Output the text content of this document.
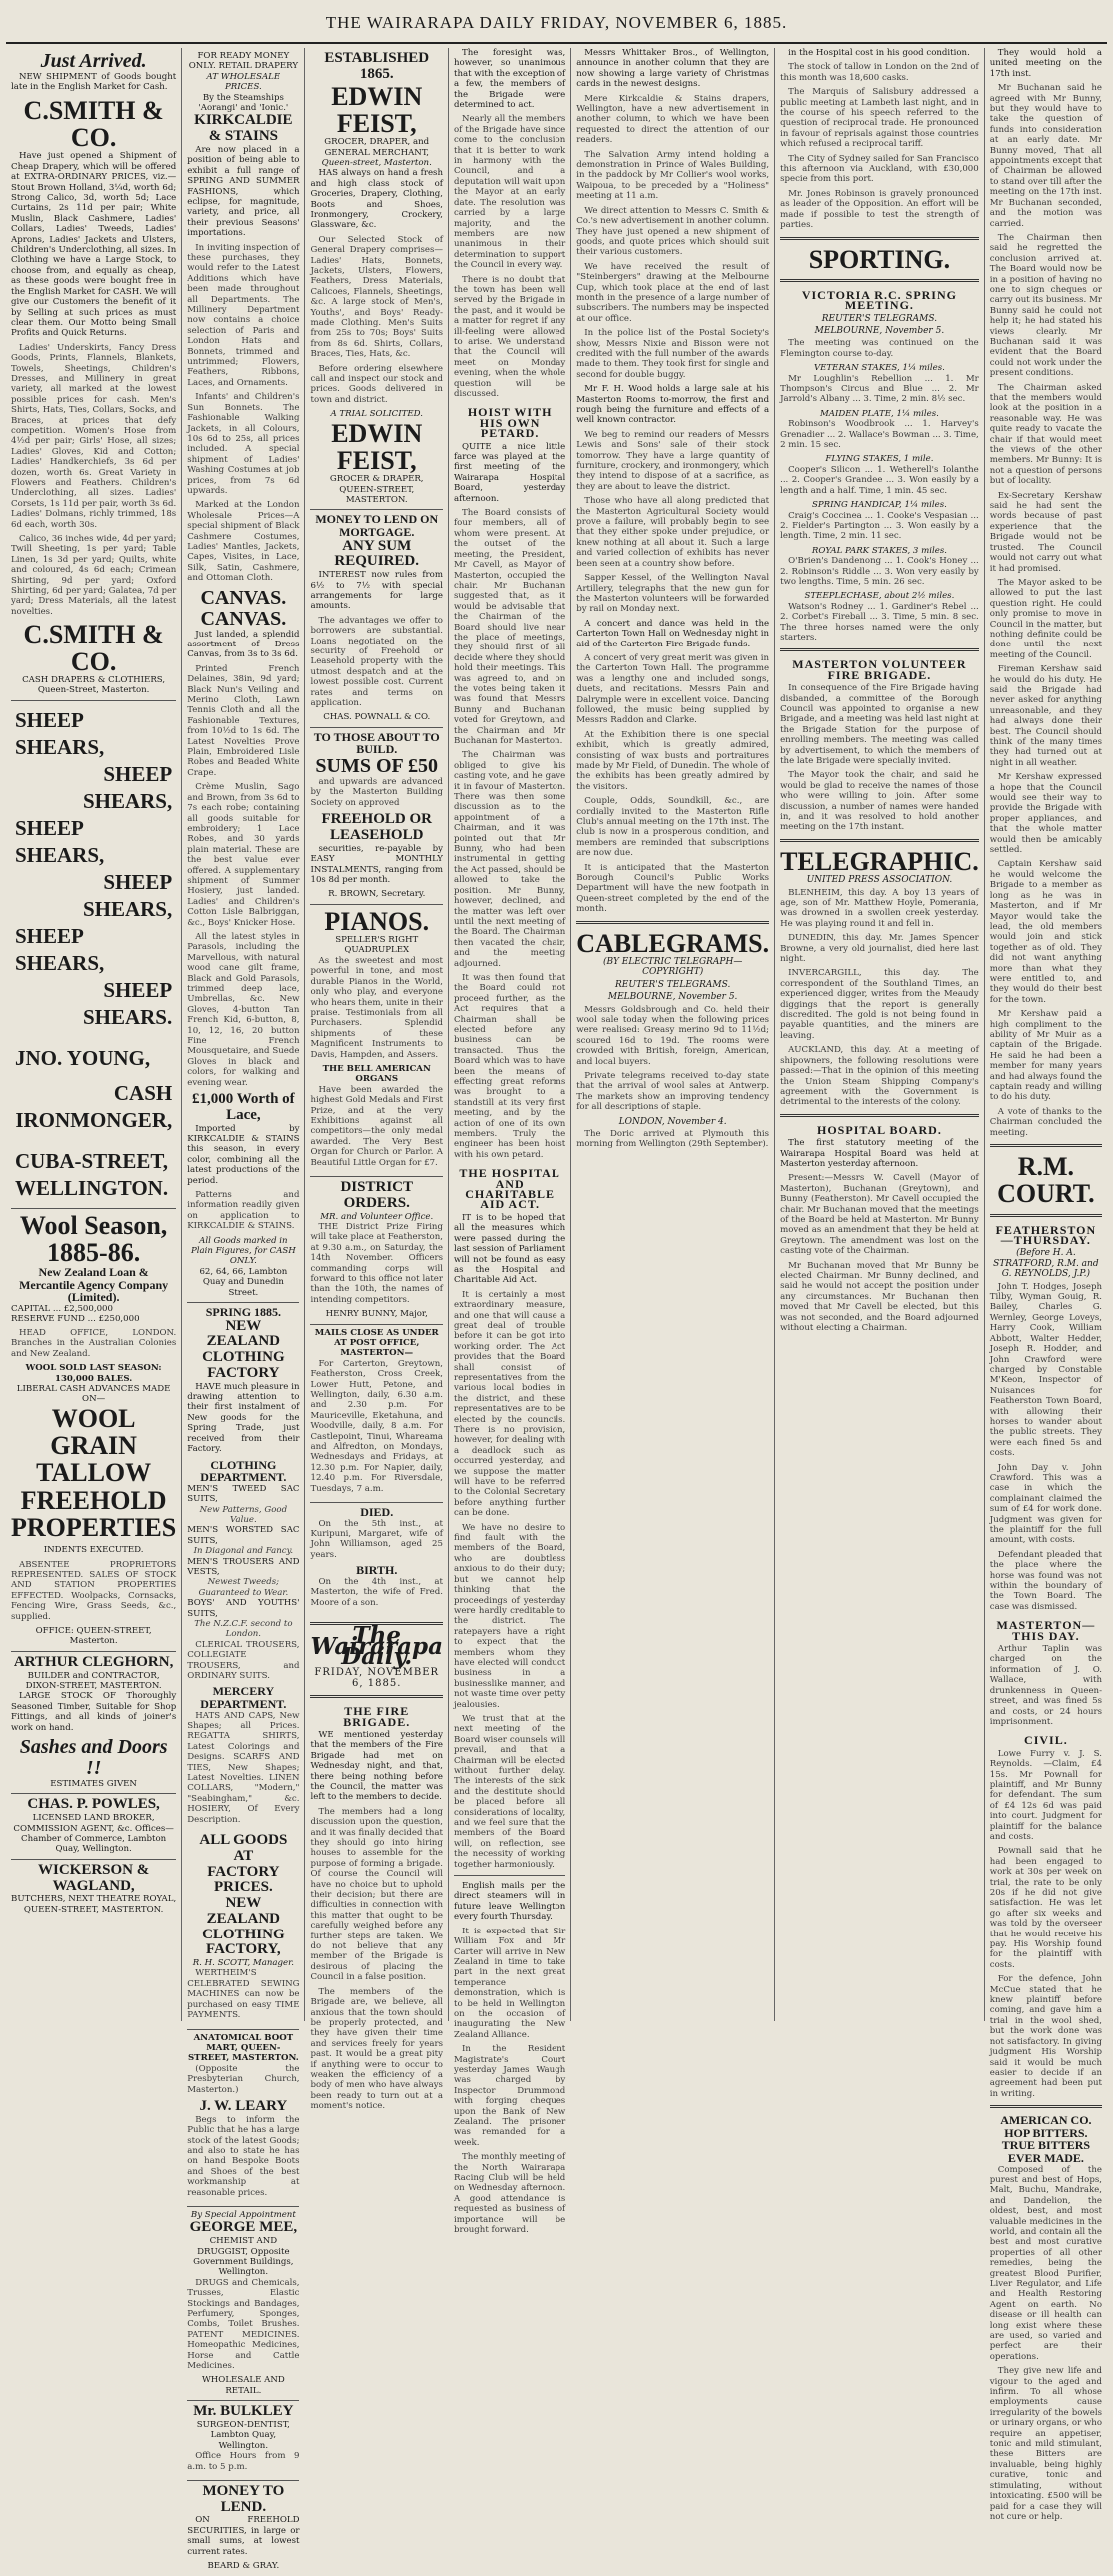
THE WAIRARAPA DAILY FRIDAY, NOVEMBER 6, 1885.
Just Arrived.

NEW SHIPMENT of Goods bought late in the English Market for Cash.

C.SMITH & CO.

Have just opened a Shipment of Cheap Drapery, which will be offered at EXTRA-ORDINARY PRICES, viz.— Stout Brown Holland, 3¼d, worth 6d; Strong Calico, 3d, worth 5d; Lace Curtains, 2s 11d per pair; White Muslin, Black Cashmere, Ladies' Collars, Ladies' Tweeds, Ladies' Aprons, Ladies' Jackets and Ulsters, Children's Underclothing, all sizes. In Clothing we have a Large Stock, to choose from, and equally as cheap, as these goods were bought free in the English Market for CASH. We will give our Customers the benefit of it by Selling at such prices as must clear them. Our Motto being Small Profits and Quick Returns.

Ladies' Underskirts, Fancy Dress Goods, Prints, Flannels, Blankets, Towels, Sheetings, Children's Dresses, and Millinery in great variety, all marked at the lowest possible prices for cash. Men's Shirts, Hats, Ties, Collars, Socks, and Braces, at prices that defy competition. Women's Hose from 4½d per pair; Girls' Hose, all sizes; Ladies' Gloves, Kid and Cotton; Ladies' Handkerchiefs, 3s 6d per dozen, worth 6s. Great Variety in Flowers and Feathers. Children's Underclothing, all sizes. Ladies' Corsets, 1s 11d per pair, worth 3s 6d. Ladies' Dolmans, richly trimmed, 18s 6d each, worth 30s.

Calico, 36 inches wide, 4d per yard; Twill Sheeting, 1s per yard; Table Linen, 1s 3d per yard; Quilts, white and coloured, 4s 6d each; Crimean Shirting, 9d per yard; Oxford Shirting, 6d per yard; Galatea, 7d per yard; Dress Materials, all the latest novelties.

C.SMITH & CO.
CASH DRAPERS & CLOTHIERS, Queen-Street, Masterton.
SHEEP SHEARS,
SHEEP SHEARS,
SHEEP SHEARS,
SHEEP SHEARS,
SHEEP SHEARS,
SHEEP SHEARS.
JNO. YOUNG,
CASH IRONMONGER,
CUBA-STREET, WELLINGTON.
Wool Season, 1885-86.
New Zealand Loan & Mercantile Agency Company (Limited).
CAPITAL ... £2,500,000
RESERVE FUND ... £250,000

HEAD OFFICE, LONDON. Branches in the Australian Colonies and New Zealand.

WOOL SOLD LAST SEASON: 130,000 BALES.
LIBERAL CASH ADVANCES MADE ON—
WOOL
GRAIN
TALLOW
FREEHOLD
PROPERTIES
INDENTS EXECUTED.

ABSENTEE PROPRIETORS REPRESENTED. SALES OF STOCK AND STATION PROPERTIES EFFECTED. Woolpacks, Cornsacks, Fencing Wire, Grass Seeds, &c., supplied.

OFFICE: QUEEN-STREET, Masterton.
ARTHUR CLEGHORN,
BUILDER and CONTRACTOR, DIXON-STREET, MASTERTON.

LARGE STOCK OF Thoroughly Seasoned Timber, Suitable for Shop Fittings, and all kinds of joiner's work on hand.

Sashes and Doors !!
ESTIMATES GIVEN
CHAS. P. POWLES,
LICENSED LAND BROKER, COMMISSION AGENT, &c. Offices—Chamber of Commerce, Lambton Quay, Wellington.
WICKERSON & WAGLAND,
BUTCHERS, NEXT THEATRE ROYAL,
QUEEN-STREET, MASTERTON.
FOR READY MONEY ONLY. RETAIL DRAPERY
AT WHOLESALE PRICES.
By the Steamships 'Aorangi' and 'Ionic.'
KIRKCALDIE & STAINS

Are now placed in a position of being able to exhibit a full range of SPRING AND SUMMER FASHIONS, which eclipse, for magnitude, variety, and price, all their previous Seasons' importations.

In inviting inspection of these purchases, they would refer to the Latest Additions which have been made throughout all Departments. The Millinery Department now contains a choice selection of Paris and London Hats and Bonnets, trimmed and untrimmed; Flowers, Feathers, Ribbons, Laces, and Ornaments.

Infants' and Children's Sun Bonnets. The Fashionable Walking Jackets, in all Colours, 10s 6d to 25s, all prices included. A special shipment of Ladies' Washing Costumes at job prices, from 7s 6d upwards.

Marked at the London Wholesale Prices—A special shipment of Black Cashmere Costumes, Ladies' Mantles, Jackets, Capes, Visites, in Lace, Silk, Satin, Cashmere, and Ottoman Cloth.

CANVAS. CANVAS.

Just landed, a splendid assortment of Dress Canvas, from 3s to 3s 6d.

Printed French Delaines, 38in, 9d yard; Black Nun's Veiling and Merino Cloth, Lawn Tennis Cloth and all the Fashionable Textures, from 10½d to 1s 6d. The Latest Novelties Prove Plain, Embroidered Lisle Robes and Beaded White Crape.

Crème Muslin, Sago and Brown, from 3s 6d to 7s each robe; containing all goods suitable for embroidery; 1 Lace Robes, and 30 yards plain material. These are the best value ever offered. A supplementary shipment of Summer Hosiery, just landed. Ladies' and Children's Cotton Lisle Balbriggan, &c., Boys' Knicker Hose.

All the latest styles in Parasols, including the Marvellous, with natural wood cane gilt frame, Black and Gold Parasols, trimmed deep lace, Umbrellas, &c. New Gloves, 4-button Tan French Kid, 6-button, 8, 10, 12, 16, 20 button Fine French Mousquetaire, and Suede Gloves in black and colors, for walking and evening wear.

£1,000 Worth of Lace,

Imported by KIRKCALDIE & STAINS this season, in every color, combining all the latest productions of the period.

Patterns and information readily given on application to KIRKCALDIE & STAINS.

All Goods marked in Plain Figures, for CASH ONLY.
62, 64, 66, Lambton Quay and Dunedin Street.
SPRING 1885.
NEW ZEALAND CLOTHING FACTORY

HAVE much pleasure in drawing attention to their first instalment of New goods for the Spring Trade, just received from their Factory.

CLOTHING DEPARTMENT.
MEN'S TWEED SAC SUITS,
New Patterns, Good Value.
MEN'S WORSTED SAC SUITS,
In Diagonal and Fancy.
MEN'S TROUSERS AND VESTS,
Newest Tweeds; Guaranteed to Wear.
BOYS' AND YOUTHS' SUITS,
The N.Z.C.F. second to London.

CLERICAL TROUSERS, COLLEGIATE TROUSERS, and ORDINARY SUITS.

MERCERY DEPARTMENT.

HATS AND CAPS, New Shapes; all Prices. REGATTA SHIRTS, Latest Colorings and Designs. SCARFS AND TIES, New Shapes; Latest Novelties. LINEN COLLARS, "Modern," "Seabingham," &c. HOSIERY, Of Every Description.

ALL GOODS
AT
FACTORY PRICES.
NEW ZEALAND CLOTHING FACTORY,
R. H. SCOTT, Manager.

WERTHEIM'S CELEBRATED SEWING MACHINES can now be purchased on easy TIME PAYMENTS.

ANATOMICAL BOOT MART, QUEEN-STREET, MASTERTON.

(Opposite the Presbyterian Church, Masterton.)

J. W. LEARY

Begs to inform the Public that he has a large stock of the latest Goods; and also to state he has on hand Bespoke Boots and Shoes of the best workmanship at reasonable prices.

By Special Appointment
GEORGE MEE,
CHEMIST AND DRUGGIST, Opposite Government Buildings, Wellington.

DRUGS and Chemicals, Trusses, Elastic Stockings and Bandages, Perfumery, Sponges, Combs, Toilet Brushes. PATENT MEDICINES. Homeopathic Medicines, Horse and Cattle Medicines.

WHOLESALE AND RETAIL.
Mr. BULKLEY
SURGEON-DENTIST, Lambton Quay, Wellington.

Office Hours from 9 a.m. to 5 p.m.

MONEY TO LEND.

ON FREEHOLD SECURITIES, in large or small sums, at lowest current rates.

BEARD & GRAY.
ESTABLISHED 1865.
EDWIN FEIST,
GROCER, DRAPER, and GENERAL MERCHANT,
Queen-street, Masterton.

HAS always on hand a fresh and high class stock of Groceries, Drapery, Clothing, Boots and Shoes, Ironmongery, Crockery, Glassware, &c.

Our Selected Stock of General Drapery comprises—Ladies' Hats, Bonnets, Jackets, Ulsters, Flowers, Feathers, Dress Materials, Calicoes, Flannels, Sheetings, &c. A large stock of Men's, Youths', and Boys' Ready-made Clothing. Men's Suits from 25s to 70s; Boys' Suits from 8s 6d. Shirts, Collars, Braces, Ties, Hats, &c.

Before ordering elsewhere call and inspect our stock and prices. Goods delivered in town and district.

A TRIAL SOLICITED.
EDWIN FEIST,
GROCER & DRAPER, QUEEN-STREET, MASTERTON.
MONEY TO LEND ON MORTGAGE.
ANY SUM REQUIRED.

INTEREST now rules from 6½ to 7½ with special arrangements for large amounts.

The advantages we offer to borrowers are substantial. Loans negotiated on the security of Freehold or Leasehold property with the utmost despatch and at the lowest possible cost. Current rates and terms on application.

CHAS. POWNALL & CO.
TO THOSE ABOUT TO BUILD.
SUMS OF £50

and upwards are advanced by the Masterton Building Society on approved

FREEHOLD OR LEASEHOLD

securities, re-payable by EASY MONTHLY INSTALMENTS, ranging from 10s 8d per month.

R. BROWN, Secretary.
PIANOS.
SPELLER'S RIGHT QUADRUPLEX

As the sweetest and most powerful in tone, and most durable Pianos in the World, only who play, and everyone who hears them, unite in their praise. Testimonials from all Purchasers. Splendid shipments of these Magnificent Instruments to Davis, Hampden, and Assers.

THE BELL AMERICAN ORGANS

Have been awarded the highest Gold Medals and First Prize, and at the very Exhibitions against all competitors—the only medal awarded. The Very Best Organ for Church or Parlor. A Beautiful Little Organ for £7.

DISTRICT ORDERS.
MR. and Volunteer Office.

THE District Prize Firing will take place at Featherston, at 9.30 a.m., on Saturday, the 14th November. Officers commanding corps will forward to this office not later than the 10th, the names of intending competitors.

HENRY BUNNY, Major,
MAILS CLOSE AS UNDER AT POST OFFICE, MASTERTON—

For Carterton, Greytown, Featherston, Cross Creek, Lower Hutt, Petone, and Wellington, daily, 6.30 a.m. and 2.30 p.m. For Mauriceville, Eketahuna, and Woodville, daily, 8 a.m. For Castlepoint, Tinui, Whareama and Alfredton, on Mondays, Wednesdays and Fridays, at 12.30 p.m. For Napier, daily, 12.40 p.m. For Riversdale, Tuesdays, 7 a.m.

DIED.

On the 5th inst., at Kuripuni, Margaret, wife of John Williamson, aged 25 years.

BIRTH.

On the 4th inst., at Masterton, the wife of Fred. Moore of a son.

The Wairarapa Daily.
FRIDAY, NOVEMBER 6, 1885.
THE FIRE BRIGADE.

WE mentioned yesterday that the members of the Fire Brigade had met on Wednesday night, and that, there being nothing before the Council, the matter was left to the members to decide.

The members had a long discussion upon the question, and it was finally decided that they should go into hiring houses to assemble for the purpose of forming a brigade. Of course the Council will have no choice but to uphold their decision; but there are difficulties in connection with this matter that ought to be carefully weighed before any further steps are taken. We do not believe that any member of the Brigade is desirous of placing the Council in a false position.

The members of the Brigade are, we believe, all anxious that the town should be properly protected, and they have given their time and services freely for years past. It would be a great pity if anything were to occur to weaken the efficiency of a body of men who have always been ready to turn out at a moment's notice.

The foresight was, however, so unanimous that with the exception of a few, the members of the Brigade were determined to act.

Nearly all the members of the Brigade have since come to the conclusion that it is better to work in harmony with the Council, and a deputation will wait upon the Mayor at an early date. The resolution was carried by a large majority, and the members are now unanimous in their determination to support the Council in every way.

There is no doubt that the town has been well served by the Brigade in the past, and it would be a matter for regret if any ill-feeling were allowed to arise. We understand that the Council will meet on Monday evening, when the whole question will be discussed.

HOIST WITH HIS OWN PETARD.

QUITE a nice little farce was played at the first meeting of the Wairarapa Hospital Board, yesterday afternoon.

The Board consists of four members, all of whom were present. At the outset of the meeting, the President, Mr Cavell, as Mayor of Masterton, occupied the chair. Mr Buchanan suggested that, as it would be advisable that the Chairman of the Board should live near the place of meetings, they should first of all decide where they should hold their meetings. This was agreed to, and on the votes being taken it was found that Messrs Bunny and Buchanan voted for Greytown, and the Chairman and Mr Buchanan for Masterton.

The Chairman was obliged to give his casting vote, and he gave it in favour of Masterton. There was then some discussion as to the appointment of a Chairman, and it was pointed out that Mr Bunny, who had been instrumental in getting the Act passed, should be allowed to take the position. Mr Bunny, however, declined, and the matter was left over until the next meeting of the Board. The Chairman then vacated the chair, and the meeting adjourned.

It was then found that the Board could not proceed further, as the Act requires that a Chairman shall be elected before any business can be transacted. Thus the Board which was to have been the means of effecting great reforms was brought to a standstill at its very first meeting, and by the action of one of its own members. Truly the engineer has been hoist with his own petard.

THE HOSPITAL AND CHARITABLE AID ACT.

IT is to be hoped that all the measures which were passed during the last session of Parliament will not be found as easy as the Hospital and Charitable Aid Act.

It is certainly a most extraordinary measure, and one that will cause a great deal of trouble before it can be got into working order. The Act provides that the Board shall consist of representatives from the various local bodies in the district, and these representatives are to be elected by the councils. There is no provision, however, for dealing with a deadlock such as occurred yesterday, and we suppose the matter will have to be referred to the Colonial Secretary before anything further can be done.

We have no desire to find fault with the members of the Board, who are doubtless anxious to do their duty; but we cannot help thinking that the proceedings of yesterday were hardly creditable to the district. The ratepayers have a right to expect that the members whom they have elected will conduct business in a businesslike manner, and not waste time over petty jealousies.

We trust that at the next meeting of the Board wiser counsels will prevail, and that a Chairman will be elected without further delay. The interests of the sick and the destitute should be placed before all considerations of locality, and we feel sure that the members of the Board will, on reflection, see the necessity of working together harmoniously.

English mails per the direct steamers will in future leave Wellington every fourth Thursday.

It is expected that Sir William Fox and Mr Carter will arrive in New Zealand in time to take part in the next great temperance demonstration, which is to be held in Wellington on the occasion of inaugurating the New Zealand Alliance.

In the Resident Magistrate's Court yesterday James Waugh was charged by Inspector Drummond with forging cheques upon the Bank of New Zealand. The prisoner was remanded for a week.

The monthly meeting of the North Wairarapa Racing Club will be held on Wednesday afternoon. A good attendance is requested as business of importance will be brought forward.

Messrs Whittaker Bros., of Wellington, announce in another column that they are now showing a large variety of Christmas cards in the newest designs.

Mere Kirkcaldie & Stains drapers, Wellington, have a new advertisement in another column, to which we have been requested to direct the attention of our readers.

The Salvation Army intend holding a demonstration in Prince of Wales Building, in the paddock by Mr Collier's wool works, Waipoua, to be preceded by a "Holiness" meeting at 11 a.m.

We direct attention to Messrs C. Smith & Co.'s new advertisement in another column. They have just opened a new shipment of goods, and quote prices which should suit their various customers.

We have received the result of "Steinbergers" drawing at the Melbourne Cup, which took place at the end of last month in the presence of a large number of subscribers. The numbers may be inspected at our office.

In the police list of the Postal Society's show, Messrs Nixie and Bisson were not credited with the full number of the awards made to them. They took first for single and second for double buggy.

Mr F. H. Wood holds a large sale at his Masterton Rooms to-morrow, the first and rough being the furniture and effects of a well known contractor.

We beg to remind our readers of Messrs Lewis and Sons' sale of their stock tomorrow. They have a large quantity of furniture, crockery, and ironmongery, which they intend to dispose of at a sacrifice, as they are about to leave the district.

Those who have all along predicted that the Masterton Agricultural Society would prove a failure, will probably begin to see that they either spoke under prejudice, or knew nothing at all about it. Such a large and varied collection of exhibits has never been seen at a country show before.

Sapper Kessel, of the Wellington Naval Artillery, telegraphs that the new gun for the Masterton volunteers will be forwarded by rail on Monday next.

A concert and dance was held in the Carterton Town Hall on Wednesday night in aid of the Carterton Fire Brigade funds.

A concert of very great merit was given in the Carterton Town Hall. The programme was a lengthy one and included songs, duets, and recitations. Messrs Pain and Dalrymple were in excellent voice. Dancing followed, the music being supplied by Messrs Raddon and Clarke.

At the Exhibition there is one special exhibit, which is greatly admired, consisting of wax busts and portraitures made by Mr Field, of Dunedin. The whole of the exhibits has been greatly admired by the visitors.

Couple, Odds, Soundkill, &c., are cordially invited to the Masterton Rifle Club's annual meeting on the 17th inst. The club is now in a prosperous condition, and members are reminded that subscriptions are now due.

It is anticipated that the Masterton Borough Council's Public Works Department will have the new footpath in Queen-street completed by the end of the month.

CABLEGRAMS.
(BY ELECTRIC TELEGRAPH—COPYRIGHT)
REUTER'S TELEGRAMS.
MELBOURNE, November 5.

Messrs Goldsbrough and Co. held their wool sale today when the following prices were realised: Greasy merino 9d to 11½d; scoured 16d to 19d. The rooms were crowded with British, foreign, American, and local buyers.

Private telegrams received to-day state that the arrival of wool sales at Antwerp. The markets show an improving tendency for all descriptions of staple.

LONDON, November 4.

The Doric arrived at Plymouth this morning from Wellington (29th September).

in the Hospital cost in his good condition.

The stock of tallow in London on the 2nd of this month was 18,600 casks.

The Marquis of Salisbury addressed a public meeting at Lambeth last night, and in the course of his speech referred to the question of reciprocal trade. He pronounced in favour of reprisals against those countries which refused a reciprocal tariff.

The City of Sydney sailed for San Francisco this afternoon via Auckland, with £30,000 specie from this port.

Mr. Jones Robinson is gravely pronounced as leader of the Opposition. An effort will be made if possible to test the strength of parties.

SPORTING.
VICTORIA R.C. SPRING MEETING.
REUTER'S TELEGRAMS.
MELBOURNE, November 5.

The meeting was continued on the Flemington course to-day.

VETERAN STAKES, 1¼ miles.

Mr Loughlin's Rebellion ... 1. Mr Thompson's Circus and Blue ... 2. Mr Jarrold's Albany ... 3. Time, 2 min. 8½ sec.

MAIDEN PLATE, 1¼ miles.

Robinson's Woodbrook ... 1. Harvey's Grenadier ... 2. Wallace's Bowman ... 3. Time, 2 min. 15 sec.

FLYING STAKES, 1 mile.

Cooper's Silicon ... 1. Wetherell's Iolanthe ... 2. Cooper's Grandee ... 3. Won easily by a length and a half. Time, 1 min. 45 sec.

SPRING HANDICAP, 1¼ miles.

Craig's Coccinea ... 1. Cooke's Vespasian ... 2. Fielder's Partington ... 3. Won easily by a length. Time, 2 min. 11 sec.

ROYAL PARK STAKES, 3 miles.

O'Brien's Dandenong ... 1. Cook's Honey ... 2. Robinson's Riddle ... 3. Won very easily by two lengths. Time, 5 min. 26 sec.

STEEPLECHASE, about 2½ miles.

Watson's Rodney ... 1. Gardiner's Rebel ... 2. Corbet's Fireball ... 3. Time, 5 min. 8 sec. The three horses named were the only starters.

MASTERTON VOLUNTEER FIRE BRIGADE.

In consequence of the Fire Brigade having disbanded, a committee of the Borough Council was appointed to organise a new Brigade, and a meeting was held last night at the Brigade Station for the purpose of enrolling members. The meeting was called by advertisement, to which the members of the late Brigade were specially invited.

The Mayor took the chair, and said he would be glad to receive the names of those who were willing to join. After some discussion, a number of names were handed in, and it was resolved to hold another meeting on the 17th instant.

TELEGRAPHIC.
UNITED PRESS ASSOCIATION.

BLENHEIM, this day. A boy 13 years of age, son of Mr. Matthew Hoyle, Pomerania, was drowned in a swollen creek yesterday. He was playing round it and fell in.

DUNEDIN, this day. Mr. James Spencer Browne, a very old journalist, died here last night.

INVERCARGILL, this day. The correspondent of the Southland Times, an experienced digger, writes from the Meaudy diggings that the report is generally discredited. The gold is not being found in payable quantities, and the miners are leaving.

AUCKLAND, this day. At a meeting of shipowners, the following resolutions were passed:—That in the opinion of this meeting the Union Steam Shipping Company's agreement with the Government is detrimental to the interests of the colony.

HOSPITAL BOARD.

The first statutory meeting of the Wairarapa Hospital Board was held at Masterton yesterday afternoon.

Present:—Messrs W. Cavell (Mayor of Masterton), Buchanan (Greytown), and Bunny (Featherston). Mr Cavell occupied the chair. Mr Buchanan moved that the meetings of the Board be held at Masterton. Mr Bunny moved as an amendment that they be held at Greytown. The amendment was lost on the casting vote of the Chairman.

Mr Buchanan moved that Mr Bunny be elected Chairman. Mr Bunny declined, and said he would not accept the position under any circumstances. Mr Buchanan then moved that Mr Cavell be elected, but this was not seconded, and the Board adjourned without electing a Chairman.

They would hold a united meeting on the 17th inst.

Mr Buchanan said he agreed with Mr Bunny, but they would have to take the question of funds into consideration at an early date. Mr Bunny moved, That all appointments except that of Chairman be allowed to stand over till after the meeting on the 17th inst. Mr Buchanan seconded, and the motion was carried.

The Chairman then said he regretted the conclusion arrived at. The Board would now be in a position of having no one to sign cheques or carry out its business. Mr Bunny said he could not help it; he had stated his views clearly. Mr Buchanan said it was evident that the Board could not work under the present conditions.

The Chairman asked that the members would look at the position in a reasonable way. He was quite ready to vacate the chair if that would meet the views of the other members. Mr Bunny: It is not a question of persons but of locality.

Ex-Secretary Kershaw said he had sent the words because of past experience that the Brigade would not be trusted. The Council would not carry out what it had promised.

The Mayor asked to be allowed to put the last question right. He could only promise to move in Council in the matter, but nothing definite could be done until the next meeting of the Council.

Fireman Kershaw said he would do his duty. He said the Brigade had never asked for anything unreasonable, and they had always done their best. The Council should think of the many times they had turned out at night in all weather.

Mr Kershaw expressed a hope that the Council would see their way to provide the Brigade with proper appliances, and that the whole matter would then be amicably settled.

Captain Kershaw said he would welcome the Brigade to a member as long as he was in Masterton, and if Mr Mayor would take the lead, the old members would join and stick together as of old. They did not want anything more than what they were entitled to, and they would do their best for the town.

Mr Kershaw paid a high compliment to the ability of Mr Muir as a captain of the Brigade. He said he had been a member for many years and had always found the captain ready and willing to do his duty.

A vote of thanks to the Chairman concluded the meeting.

R.M. COURT.
FEATHERSTON—THURSDAY.
(Before H. A. STRATFORD, R.M. and G. REYNOLDS, J.P.)

John T. Hodges, Joseph Tilby, Wyman Gouig, R. Bailey, Charles G. Wernley, George Loveys, Harry Cook, William Abbott, Walter Hedder, Joseph R. Hodder, and John Crawford were charged by Constable M'Keon, Inspector of Nuisances for Featherston Town Board, with allowing their horses to wander about the public streets. They were each fined 5s and costs.

John Day v. John Crawford. This was a case in which the complainant claimed the sum of £4 for work done. Judgment was given for the plaintiff for the full amount, with costs.

Defendant pleaded that the place where the horse was found was not within the boundary of the Town Board. The case was dismissed.

MASTERTON—THIS DAY.

Arthur Taplin was charged on the information of J. O. Wallace, with drunkenness in Queen-street, and was fined 5s and costs, or 24 hours imprisonment.

CIVIL.

Lowe Furry v. J. S. Reynolds. —Claim, £4 15s. Mr Pownall for plaintiff, and Mr Bunny for defendant. The sum of £4 12s 6d was paid into court. Judgment for plaintiff for the balance and costs.

Pownall said that he had been engaged to work at 30s per week on trial, the rate to be only 20s if he did not give satisfaction. He was let go after six weeks and was told by the overseer that he would receive his pay. His Worship found for the plaintiff with costs.

For the defence, John McCue stated that he knew plaintiff before coming, and gave him a trial in the wool shed, but the work done was not satisfactory. In giving judgment His Worship said it would be much easier to decide if an agreement had been put in writing.

AMERICAN CO. HOP BITTERS. TRUE BITTERS EVER MADE.

Composed of the purest and best of Hops, Malt, Buchu, Mandrake, and Dandelion, the oldest, best, and most valuable medicines in the world, and contain all the best and most curative properties of all other remedies, being the greatest Blood Purifier, Liver Regulator, and Life and Health Restoring Agent on earth. No disease or ill health can long exist where these are used, so varied and perfect are their operations.

They give new life and vigour to the aged and infirm. To all whose employments cause irregularity of the bowels or urinary organs, or who require an appetiser, tonic and mild stimulant, these Bitters are invaluable, being highly curative, tonic and stimulating, without intoxicating. £500 will be paid for a case they will not cure or help.
